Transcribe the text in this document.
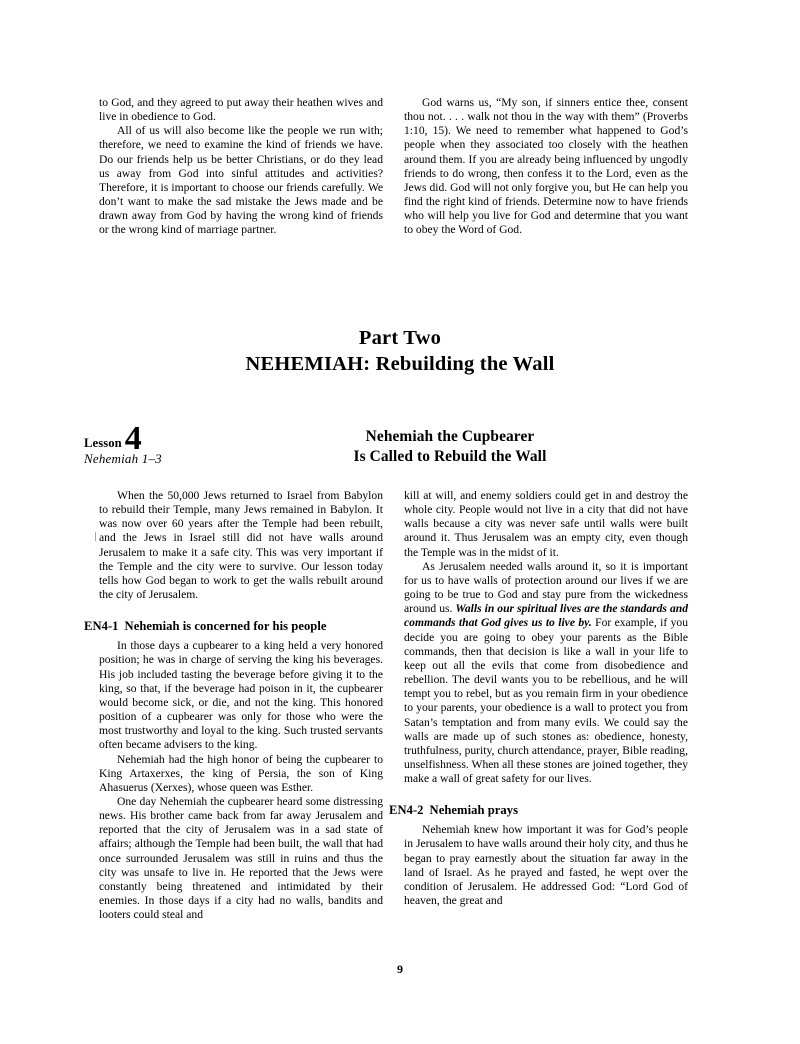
to God, and they agreed to put away their heathen wives and live in obedience to God.

All of us will also become like the people we run with; therefore, we need to examine the kind of friends we have. Do our friends help us be better Christians, or do they lead us away from God into sinful attitudes and activities? Therefore, it is important to choose our friends carefully. We don’t want to make the sad mistake the Jews made and be drawn away from God by having the wrong kind of friends or the wrong kind of marriage partner.

God warns us, “My son, if sinners entice thee, consent thou not. . . . walk not thou in the way with them” (Proverbs 1:10, 15). We need to remember what happened to God’s people when they associated too closely with the heathen around them. If you are already being influenced by ungodly friends to do wrong, then confess it to the Lord, even as the Jews did. God will not only forgive you, but He can help you find the right kind of friends. Determine now to have friends who will help you live for God and determine that you want to obey the Word of God.

Part Two
NEHEMIAH: Rebuilding the Wall
Lesson 4
Nehemiah 1–3
Nehemiah the Cupbearer
Is Called to Rebuild the Wall

When the 50,000 Jews returned to Israel from Babylon to rebuild their Temple, many Jews remained in Babylon. It was now over 60 years after the Temple had been rebuilt, and the Jews in Israel still did not have walls around Jerusalem to make it a safe city. This was very important if the Temple and the city were to survive. Our lesson today tells how God began to work to get the walls rebuilt around the city of Jerusalem.

EN4-1 Nehemiah is concerned for his people

In those days a cupbearer to a king held a very honored position; he was in charge of serving the king his beverages. His job included tasting the beverage before giving it to the king, so that, if the beverage had poison in it, the cupbearer would become sick, or die, and not the king. This honored position of a cupbearer was only for those who were the most trustworthy and loyal to the king. Such trusted servants often became advisers to the king.

Nehemiah had the high honor of being the cupbearer to King Artaxerxes, the king of Persia, the son of King Ahasuerus (Xerxes), whose queen was Esther.

One day Nehemiah the cupbearer heard some distressing news. His brother came back from far away Jerusalem and reported that the city of Jerusalem was in a sad state of affairs; although the Temple had been built, the wall that had once surrounded Jerusalem was still in ruins and thus the city was unsafe to live in. He reported that the Jews were constantly being threatened and intimidated by their enemies. In those days if a city had no walls, bandits and looters could steal and

kill at will, and enemy soldiers could get in and destroy the whole city. People would not live in a city that did not have walls because a city was never safe until walls were built around it. Thus Jerusalem was an empty city, even though the Temple was in the midst of it.

As Jerusalem needed walls around it, so it is important for us to have walls of protection around our lives if we are going to be true to God and stay pure from the wickedness around us. Walls in our spiritual lives are the standards and commands that God gives us to live by. For example, if you decide you are going to obey your parents as the Bible commands, then that decision is like a wall in your life to keep out all the evils that come from disobedience and rebellion. The devil wants you to be rebellious, and he will tempt you to rebel, but as you remain firm in your obedience to your parents, your obedience is a wall to protect you from Satan’s temptation and from many evils. We could say the walls are made up of such stones as: obedience, honesty, truthfulness, purity, church attendance, prayer, Bible reading, unselfishness. When all these stones are joined together, they make a wall of great safety for our lives.

EN4-2 Nehemiah prays

Nehemiah knew how important it was for God’s people in Jerusalem to have walls around their holy city, and thus he began to pray earnestly about the situation far away in the land of Israel. As he prayed and fasted, he wept over the condition of Jerusalem. He addressed God: “Lord God of heaven, the great and

9
